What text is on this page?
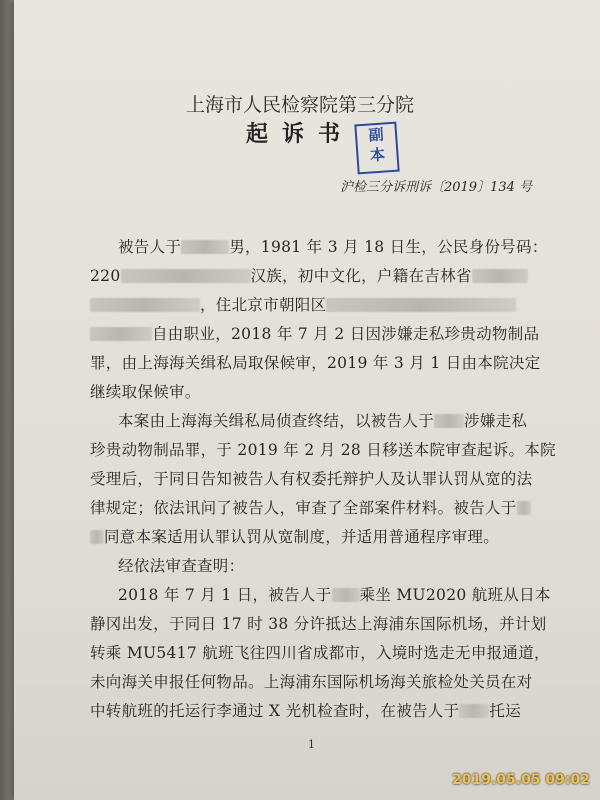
上海市人民检察院第三分院
起诉书 副
本
沪检三分诉刑诉〔2019〕134 号
被告人于	男，1981 年 3 月 18 日生，公民身份号码：
220	汉族，初中文化，户籍在吉林省
，住北京市朝阳区
自由职业，2018 年 7 月 2 日因涉嫌走私珍贵动物制品
罪，由上海海关缉私局取保候审，2019 年 3 月 1 日由本院决定
继续取保候审。
本案由上海海关缉私局侦查终结，以被告人于 涉嫌走私
珍贵动物制品罪，于 2019 年 2 月 28 日移送本院审查起诉。本院
受理后，于同日告知被告人有权委托辩护人及认罪认罚从宽的法
律规定；依法讯问了被告人，审查了全部案件材料。被告人于
同意本案适用认罪认罚从宽制度，并适用普通程序审理。
经依法审查查明：
2018 年 7 月 1 日，被告人于 乘坐 MU2020 航班从日本
静冈出发，于同日 17 时 38 分许抵达上海浦东国际机场，并计划
转乘 MU5417 航班飞往四川省成都市，入境时选走无申报通道，
未向海关申报任何物品。上海浦东国际机场海关旅检处关员在对
中转航班的托运行李通过 X 光机检查时，在被告人于 托运
1
2019.05.05 09:02
